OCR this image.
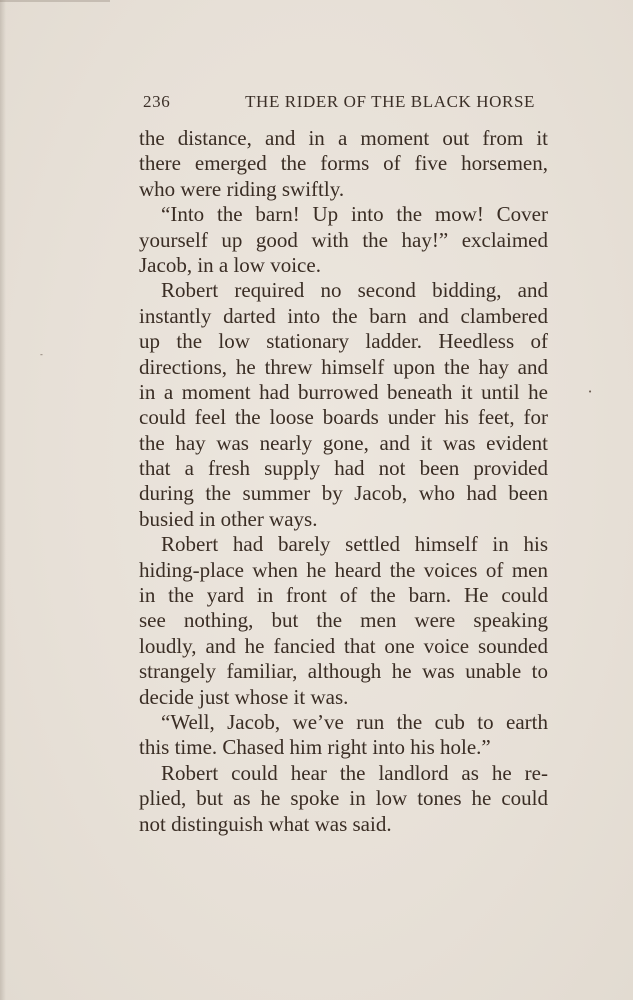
236	THE RIDER OF THE BLACK HORSE
the distance, and in a moment out from it
there emerged the forms of five horsemen,
who were riding swiftly.
“Into the barn! Up into the mow! Cover
yourself up good with the hay!” exclaimed
Jacob, in a low voice.
Robert required no second bidding, and
instantly darted into the barn and clambered
up the low stationary ladder. Heedless of
directions, he threw himself upon the hay and
in a moment had burrowed beneath it until he
could feel the loose boards under his feet, for
the hay was nearly gone, and it was evident
that a fresh supply had not been provided
during the summer by Jacob, who had been
busied in other ways.
Robert had barely settled himself in his
hiding-place when he heard the voices of men
in the yard in front of the barn. He could
see nothing, but the men were speaking
loudly, and he fancied that one voice sounded
strangely familiar, although he was unable to
decide just whose it was.
“Well, Jacob, we’ve run the cub to earth
this time. Chased him right into his hole.”
Robert could hear the landlord as he re-
plied, but as he spoke in low tones he could
not distinguish what was said.
-
•
